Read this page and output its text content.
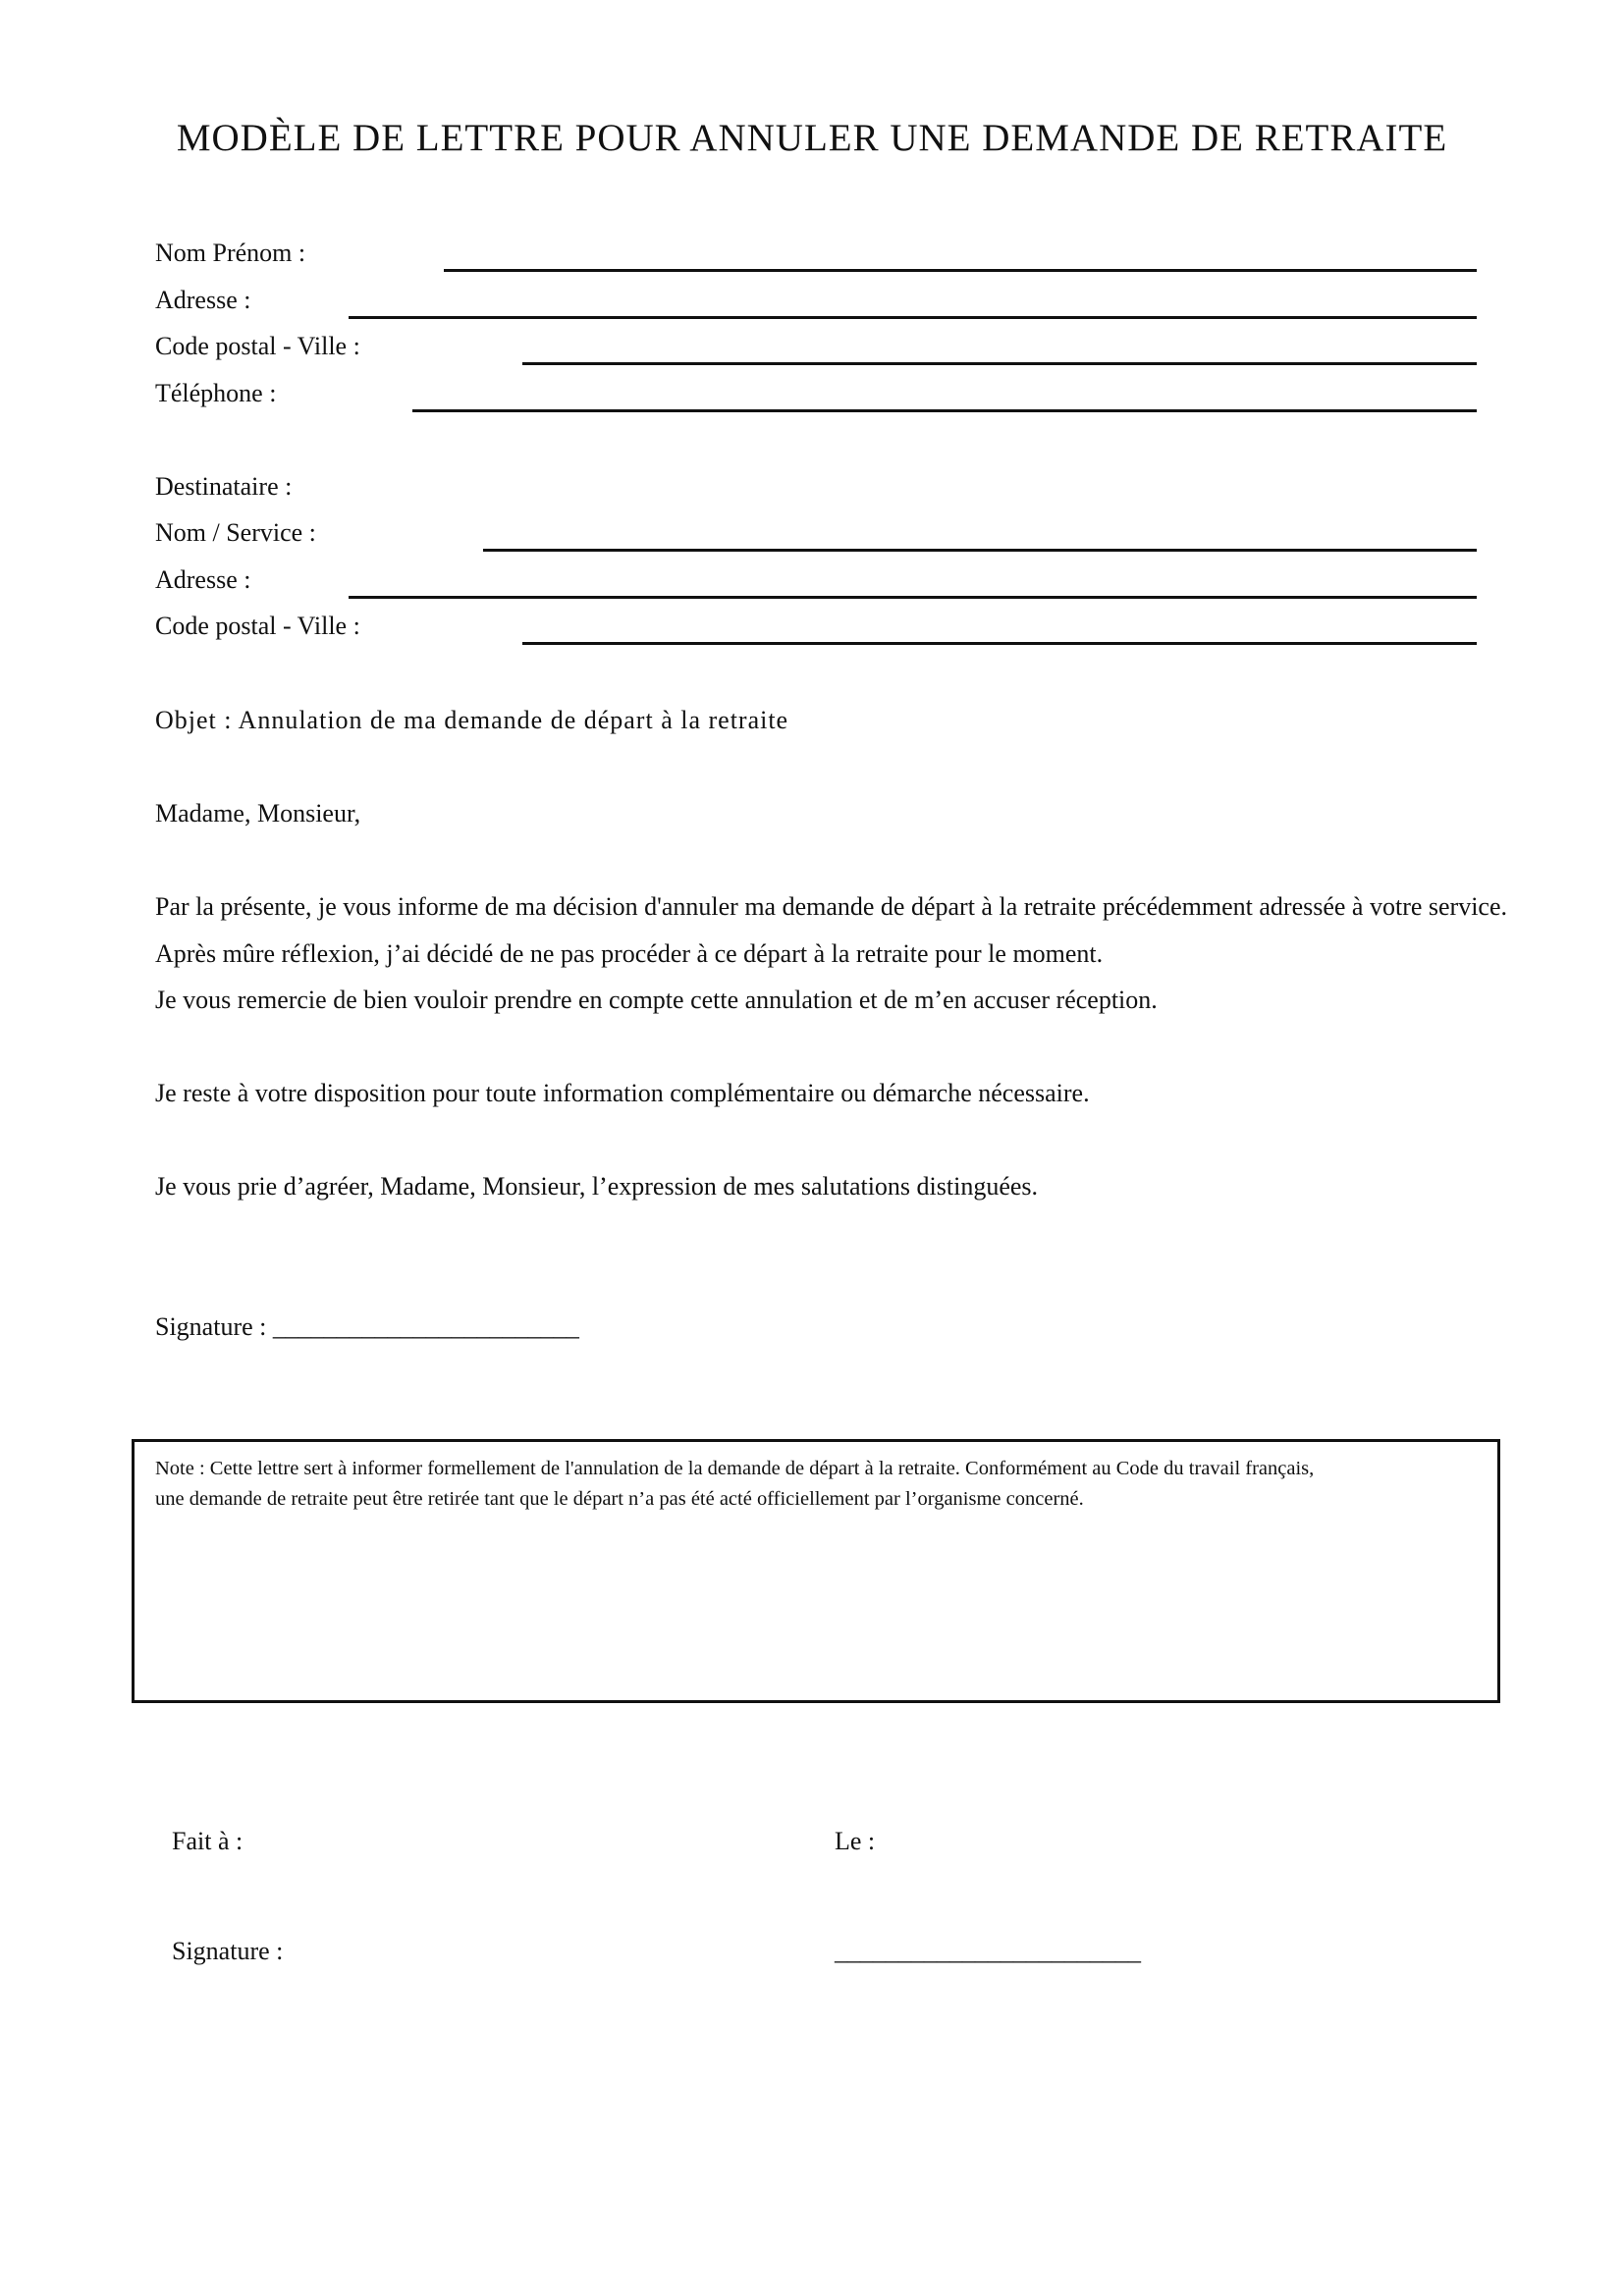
MODÈLE DE LETTRE POUR ANNULER UNE DEMANDE DE RETRAITE
Nom Prénom :
Adresse :
Code postal - Ville :
Téléphone :
Destinataire :
Nom / Service :
Adresse :
Code postal - Ville :
Objet : Annulation de ma demande de départ à la retraite
Madame, Monsieur,
Par la présente, je vous informe de ma décision d'annuler ma demande de départ à la retraite précédemment adressée à votre service.
Après mûre réflexion, j’ai décidé de ne pas procéder à ce départ à la retraite pour le moment.
Je vous remercie de bien vouloir prendre en compte cette annulation et de m’en accuser réception.
Je reste à votre disposition pour toute information complémentaire ou démarche nécessaire.
Je vous prie d’agréer, Madame, Monsieur, l’expression de mes salutations distinguées.
Signature : ________________________
Note : Cette lettre sert à informer formellement de l'annulation de la demande de départ à la retraite. Conformément au Code du travail français,
une demande de retraite peut être retirée tant que le départ n’a pas été acté officiellement par l’organisme concerné.
Fait à :	Le :
Signature :	________________________
